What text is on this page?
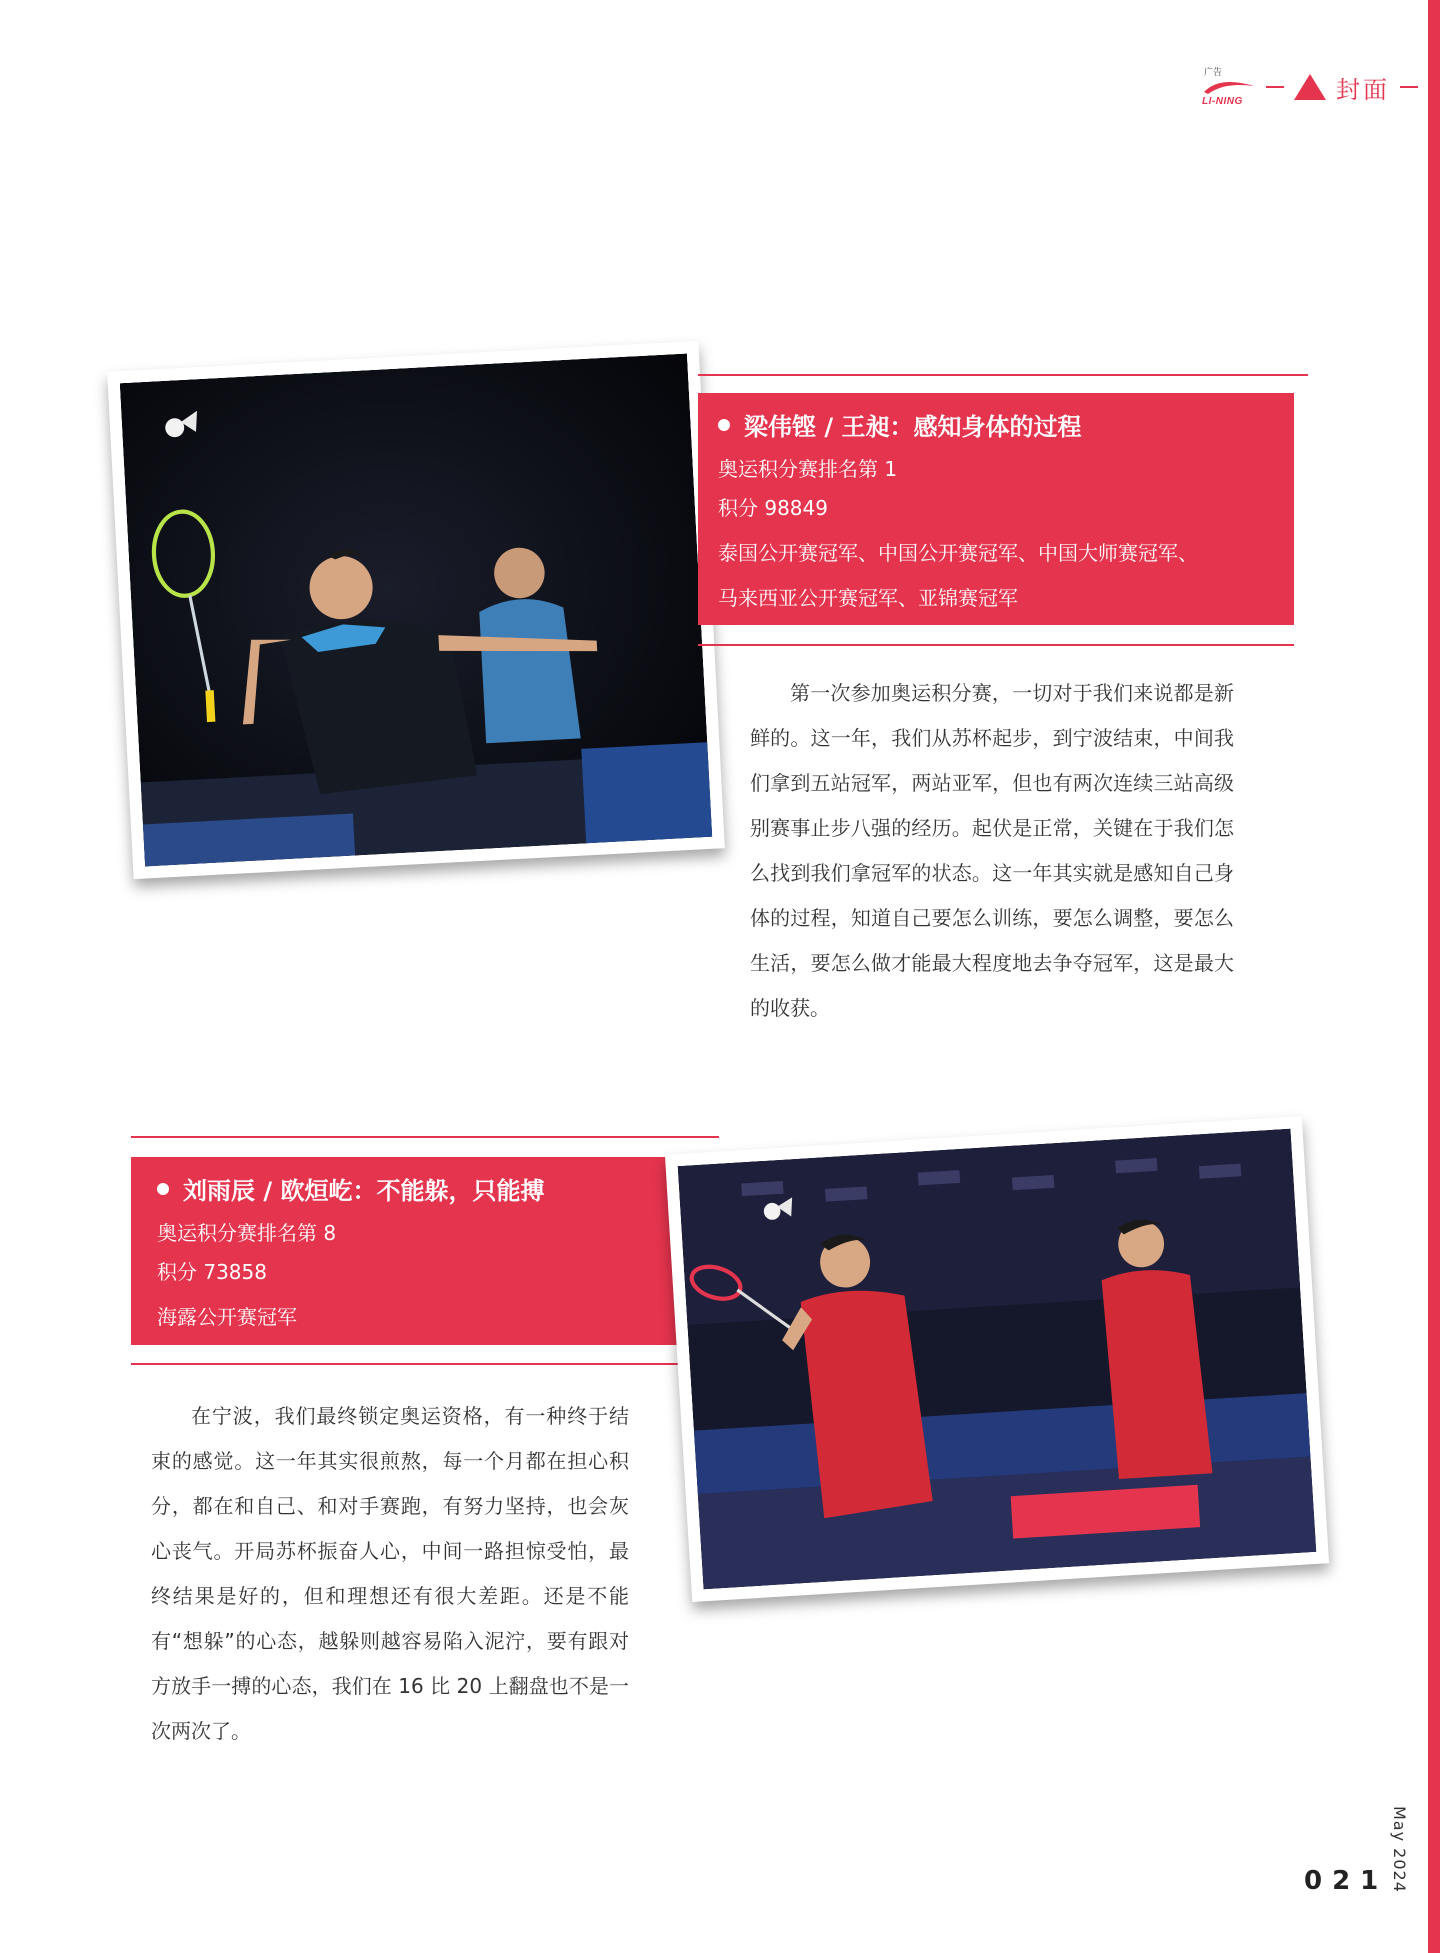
广告
LI-NING	封面
梁伟铿 / 王昶：感知身体的过程
奥运积分赛排名第 1
积分 98849
泰国公开赛冠军、中国公开赛冠军、中国大师赛冠军、
马来西亚公开赛冠军、亚锦赛冠军

第一次参加奥运积分赛，一切对于我们来说都是新鲜的。这一年，我们从苏杯起步，到宁波结束，中间我们拿到五站冠军，两站亚军，但也有两次连续三站高级别赛事止步八强的经历。起伏是正常，关键在于我们怎么找到我们拿冠军的状态。这一年其实就是感知自己身体的过程，知道自己要怎么训练，要怎么调整，要怎么生活，要怎么做才能最大程度地去争夺冠军，这是最大的收获。

刘雨辰 / 欧烜屹：不能躲，只能搏
奥运积分赛排名第 8
积分 73858
海露公开赛冠军

在宁波，我们最终锁定奥运资格，有一种终于结束的感觉。这一年其实很煎熬，每一个月都在担心积分，都在和自己、和对手赛跑，有努力坚持，也会灰心丧气。开局苏杯振奋人心，中间一路担惊受怕，最终结果是好的，但和理想还有很大差距。还是不能有“想躲”的心态，越躲则越容易陷入泥泞，要有跟对方放手一搏的心态，我们在 16 比 20 上翻盘也不是一次两次了。

May 2024
021
